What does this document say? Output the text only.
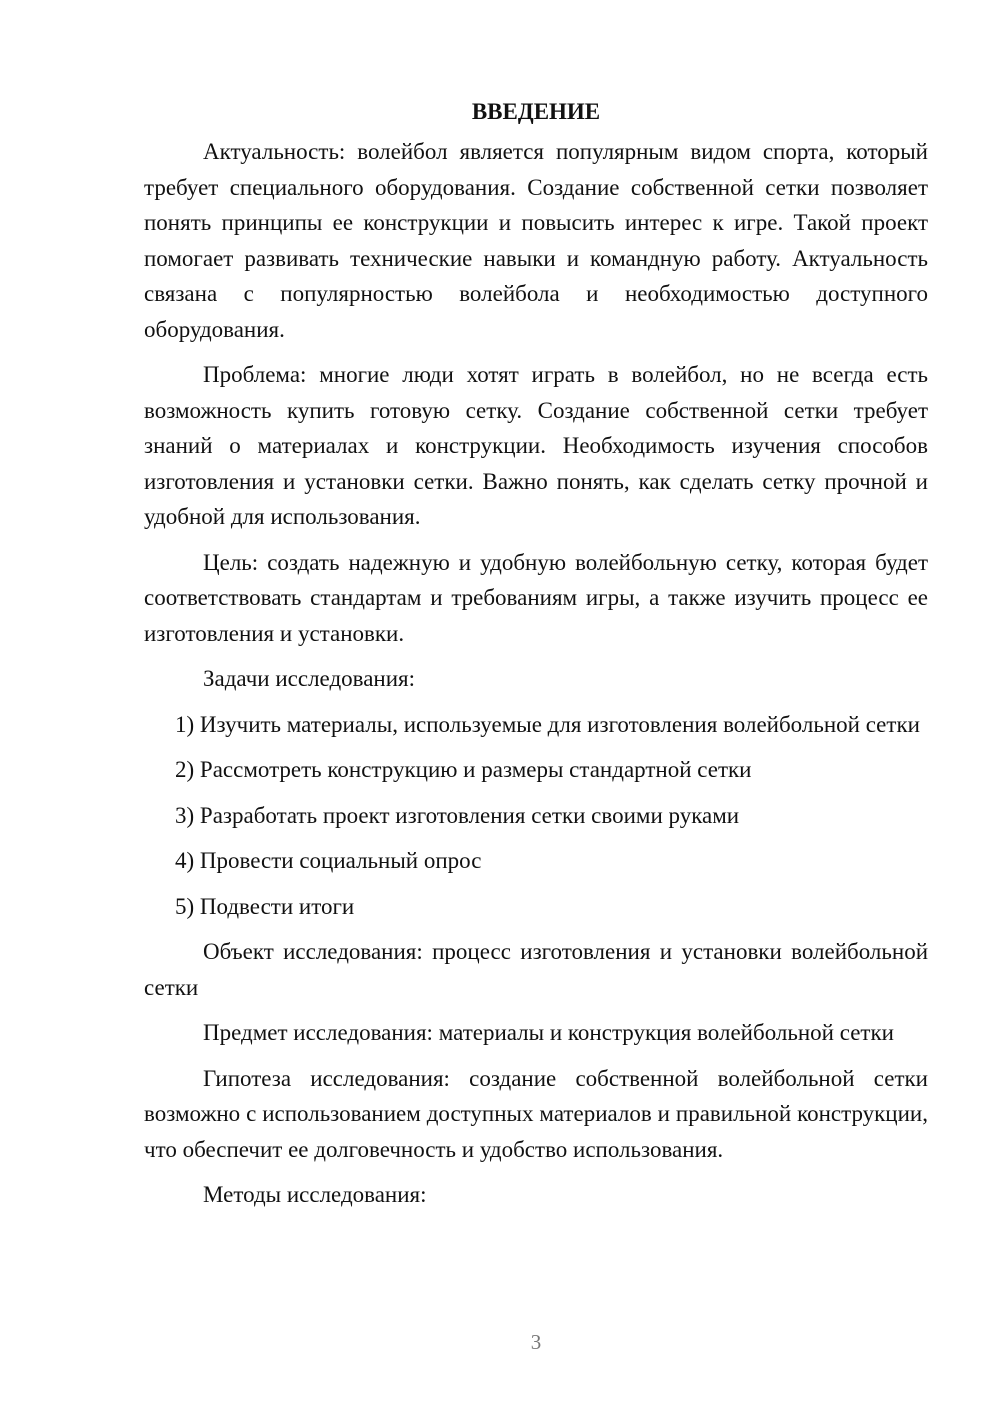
ВВЕДЕНИЕ

Актуальность: волейбол является популярным видом спорта, который требует специального оборудования. Создание собственной сетки позволяет понять принципы ее конструкции и повысить интерес к игре. Такой проект помогает развивать технические навыки и командную работу. Актуальность связана с популярностью волейбола и необходимостью доступного оборудования.

Проблема: многие люди хотят играть в волейбол, но не всегда есть возможность купить готовую сетку. Создание собственной сетки требует знаний о материалах и конструкции. Необходимость изучения способов изготовления и установки сетки. Важно понять, как сделать сетку прочной и удобной для использования.

Цель: создать надежную и удобную волейбольную сетку, которая будет соответствовать стандартам и требованиям игры, а также изучить процесс ее изготовления и установки.

Задачи исследования:

1) Изучить материалы, используемые для изготовления волейбольной сетки

2) Рассмотреть конструкцию и размеры стандартной сетки

3) Разработать проект изготовления сетки своими руками

4) Провести социальный опрос

5) Подвести итоги

Объект исследования: процесс изготовления и установки волейбольной сетки

Предмет исследования: материалы и конструкция волейбольной сетки

Гипотеза исследования: создание собственной волейбольной сетки возможно с использованием доступных материалов и правильной конструкции, что обеспечит ее долговечность и удобство использования.

Методы исследования:

3
